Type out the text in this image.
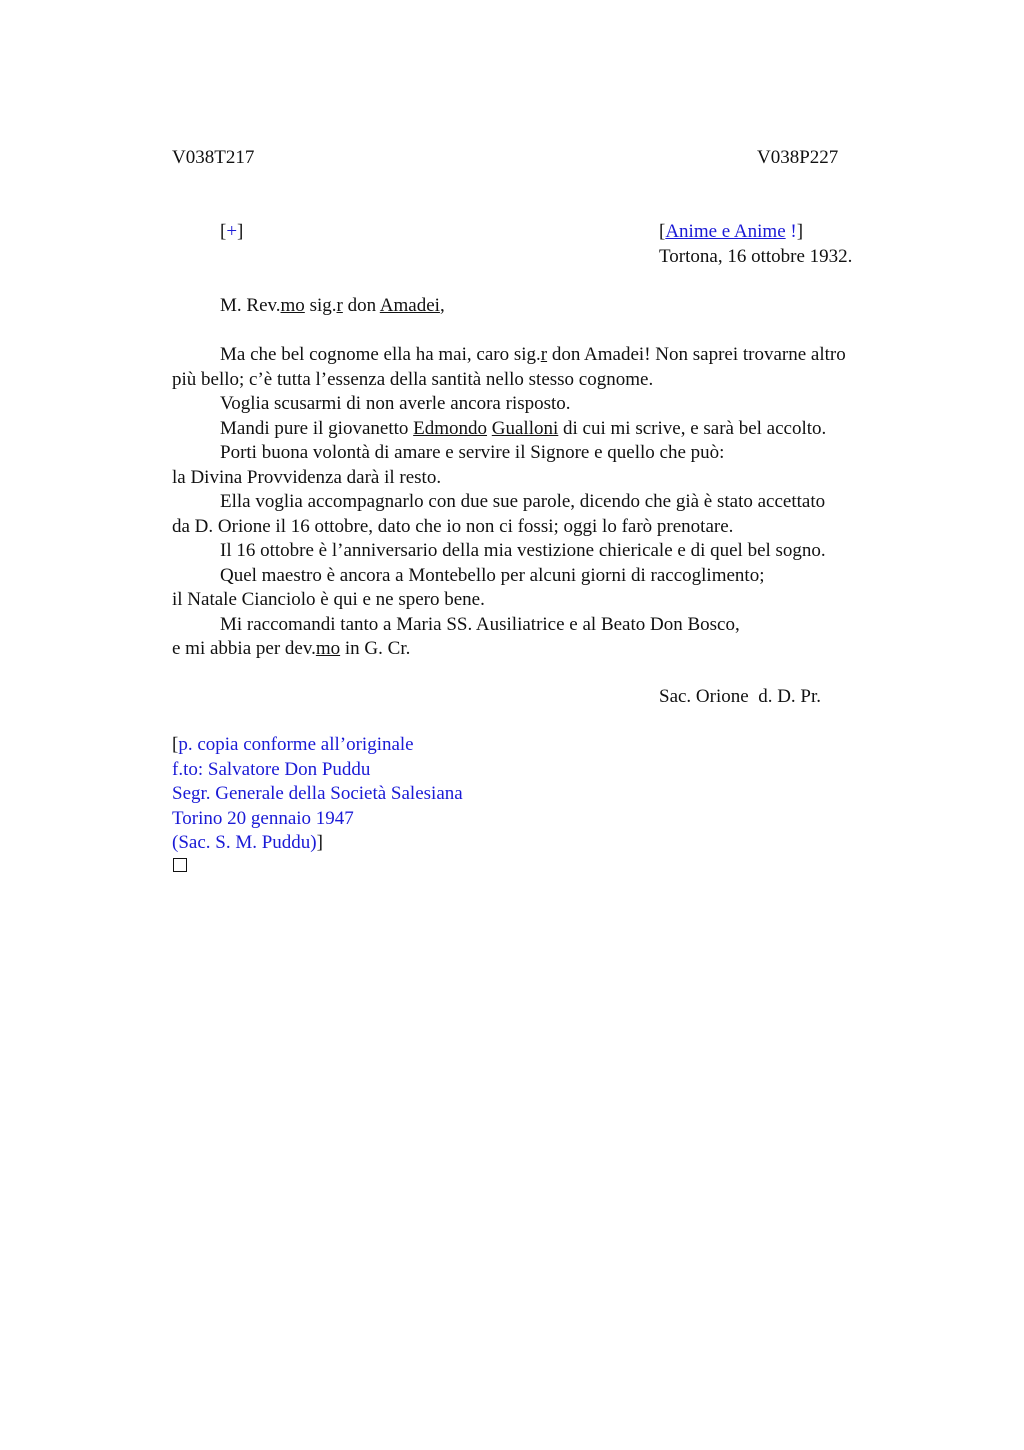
V038T217	V038P227
[+]	[Anime e Anime !]
Tortona, 16 ottobre 1932.
M. Rev.mo sig.r don Amadei,
Ma che bel cognome ella ha mai, caro sig.r don Amadei! Non saprei trovarne altro
più bello; c’è tutta l’essenza della santità nello stesso cognome.
Voglia scusarmi di non averle ancora risposto.
Mandi pure il giovanetto Edmondo Gualloni di cui mi scrive, e sarà bel accolto.
Porti buona volontà di amare e servire il Signore e quello che può:
la Divina Provvidenza darà il resto.
Ella voglia accompagnarlo con due sue parole, dicendo che già è stato accettato
da D. Orione il 16 ottobre, dato che io non ci fossi; oggi lo farò prenotare.
Il 16 ottobre è l’anniversario della mia vestizione chiericale e di quel bel sogno.
Quel maestro è ancora a Montebello per alcuni giorni di raccoglimento;
il Natale Cianciolo è qui e ne spero bene.
Mi raccomandi tanto a Maria SS. Ausiliatrice e al Beato Don Bosco,
e mi abbia per dev.mo in G. Cr.
Sac. Orione  d. D. Pr.
[p. copia conforme all’originale
f.to: Salvatore Don Puddu
Segr. Generale della Società Salesiana
Torino 20 gennaio 1947
(Sac. S. M. Puddu)]
